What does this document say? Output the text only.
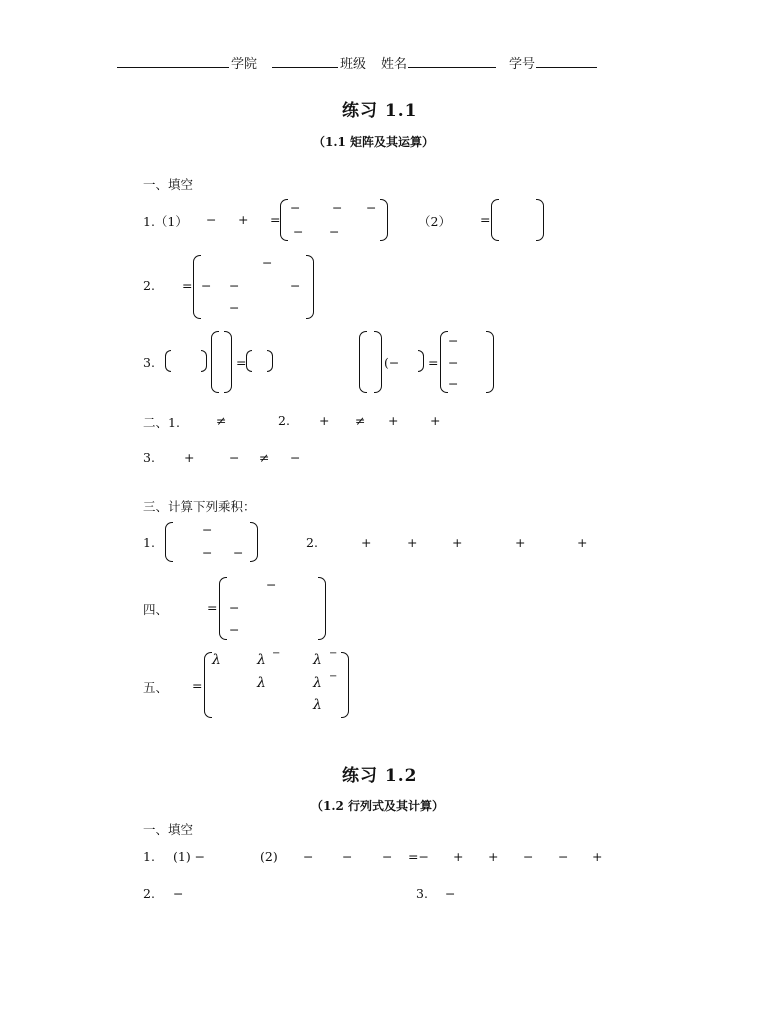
学院	班级 姓名	学号
练习 1.1
（1.1 矩阵及其运算）
一、填空
1.（1） − + =
−	− −
− −
（2） =
2. =
−
− −	−
−
3.	=	(− =
−
−
−
二、1.	≠	2. + ≠ +	+
3. +	− ≠ −
三、计算下列乘积：
1.
−
− −
2.	+	+	+	+	+
四、	=
−
−
−
五、 =
λ	λ − λ −
λ	λ −
λ
练习 1.2
（1.2 行列式及其计算）
一、填空
1. (1) −	(2) − − − =− + + − − +
2. −	3. −
